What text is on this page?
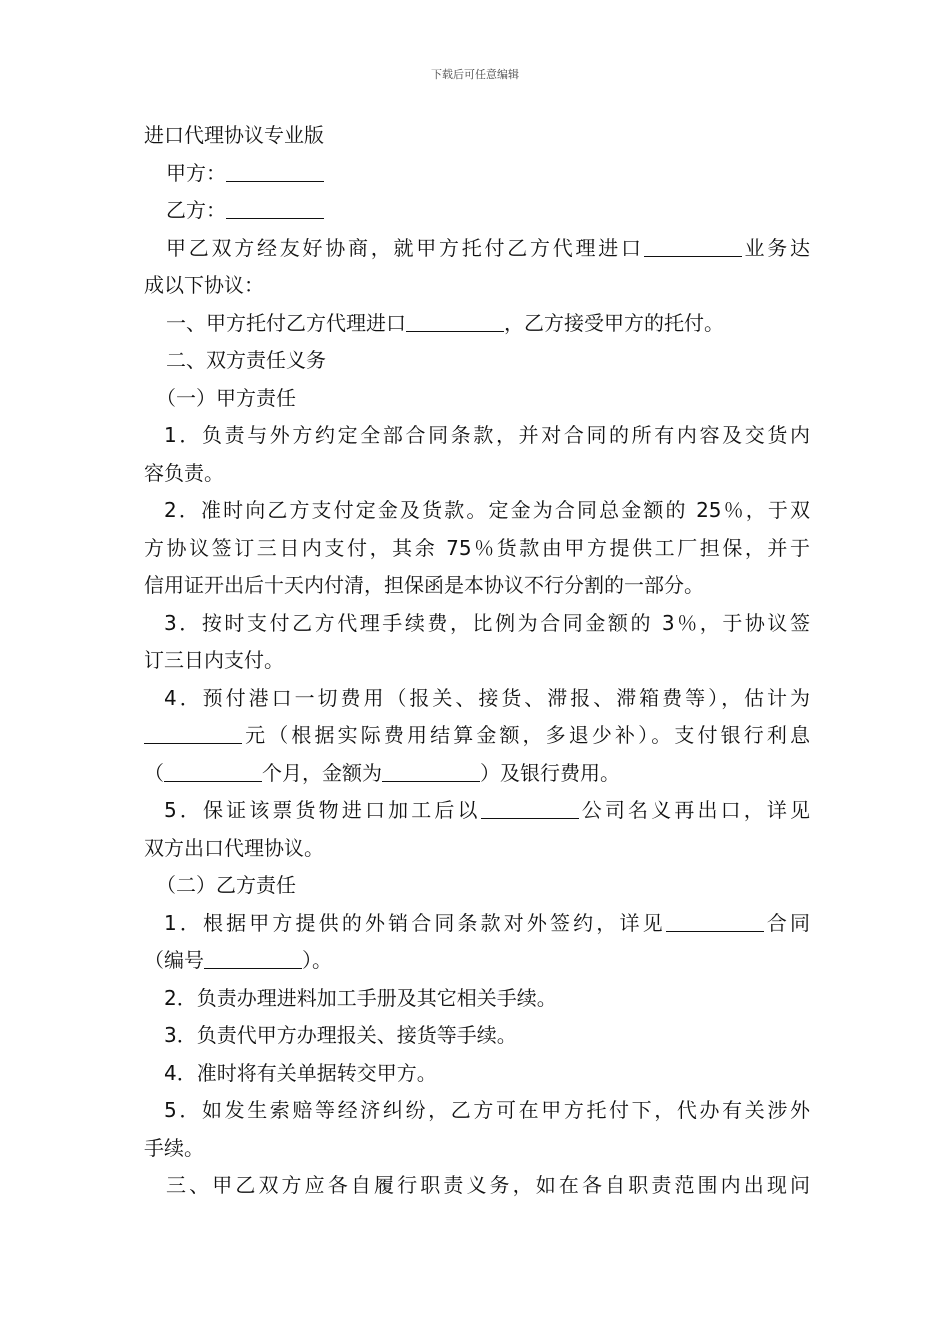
下载后可任意编辑
进口代理协议专业版
甲方：
乙方：
甲乙双方经友好协商，就甲方托付乙方代理进口	业务达
成以下协议：
一、甲方托付乙方代理进口	，乙方接受甲方的托付。
二、双方责任义务
（一）甲方责任
1．负责与外方约定全部合同条款，并对合同的所有内容及交货内
容负责。
2．准时向乙方支付定金及货款。定金为合同总金额的 25％，于双
方协议签订三日内支付，其余 75％货款由甲方提供工厂担保，并于
信用证开出后十天内付清，担保函是本协议不行分割的一部分。
3．按时支付乙方代理手续费，比例为合同金额的 3％，于协议签
订三日内支付。
4．预付港口一切费用（报关、接货、滞报、滞箱费等），估计为
元（根据实际费用结算金额，多退少补）。支付银行利息
（	个月，金额为	）及银行费用。
5．保证该票货物进口加工后以	公司名义再出口，详见
双方出口代理协议。
（二）乙方责任
1．根据甲方提供的外销合同条款对外签约，详见	合同
（编号	）。
2．负责办理进料加工手册及其它相关手续。
3．负责代甲方办理报关、接货等手续。
4．准时将有关单据转交甲方。
5．如发生索赔等经济纠纷，乙方可在甲方托付下，代办有关涉外
手续。
三、甲乙双方应各自履行职责义务，如在各自职责范围内出现问
